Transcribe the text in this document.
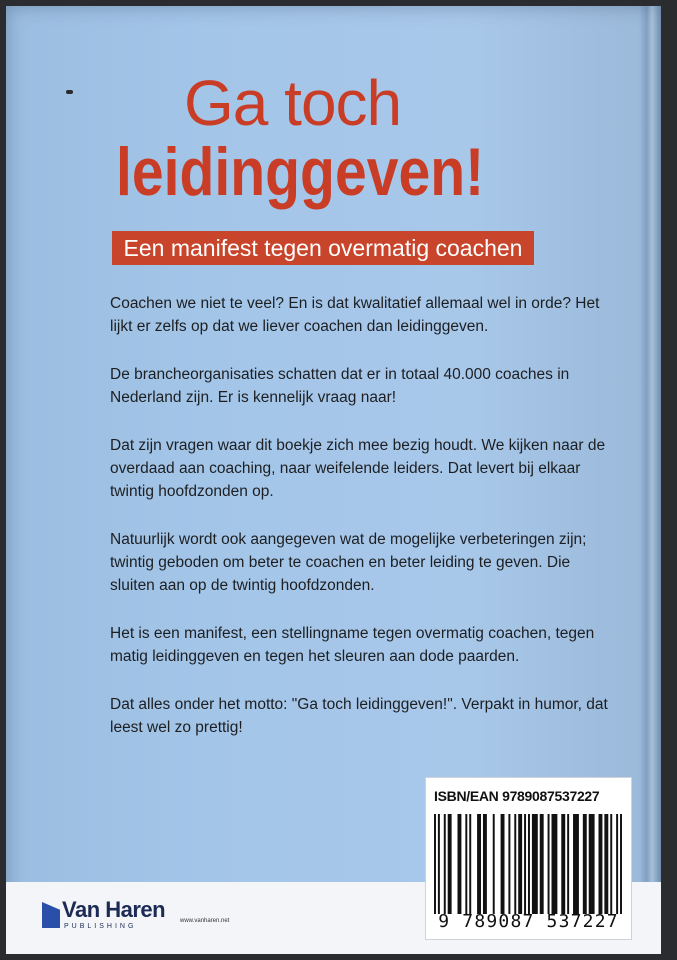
Ga toch
leidinggeven!
Een manifest tegen overmatig coachen

Coachen we niet te veel? En is dat kwalitatief allemaal wel in orde? Het lijkt er zelfs op dat we liever coachen dan leidinggeven.

De brancheorganisaties schatten dat er in totaal 40.000 coaches in Nederland zijn. Er is kennelijk vraag naar!

Dat zijn vragen waar dit boekje zich mee bezig houdt. We kijken naar de overdaad aan coaching, naar weifelende leiders. Dat levert bij elkaar twintig hoofdzonden op.

Natuurlijk wordt ook aangegeven wat de mogelijke verbeteringen zijn; twintig geboden om beter te coachen en beter leiding te geven. Die sluiten aan op de twintig hoofdzonden.

Het is een manifest, een stellingname tegen overmatig coachen, tegen matig leidinggeven en tegen het sleuren aan dode paarden.

Dat alles onder het motto: "Ga toch leidinggeven!". Verpakt in humor, dat leest wel zo prettig!

Van Haren
PUBLISHING
www.vanharen.net
ISBN/EAN 9789087537227
9 789087 537227
